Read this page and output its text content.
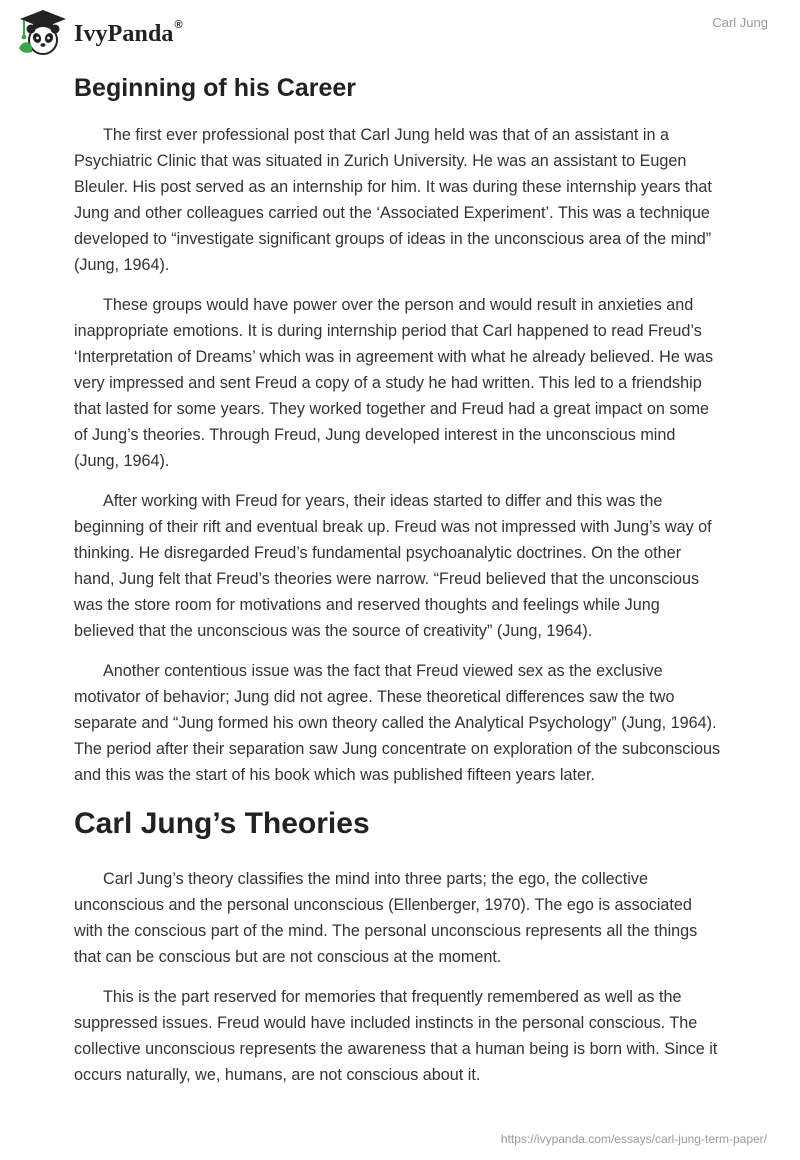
IvyPanda®	Carl Jung
Beginning of his Career

The first ever professional post that Carl Jung held was that of an assistant in a Psychiatric Clinic that was situated in Zurich University. He was an assistant to Eugen Bleuler. His post served as an internship for him. It was during these internship years that Jung and other colleagues carried out the ‘Associated Experiment’. This was a technique developed to “investigate significant groups of ideas in the unconscious area of the mind” (Jung, 1964).

These groups would have power over the person and would result in anxieties and inappropriate emotions. It is during internship period that Carl happened to read Freud’s ‘Interpretation of Dreams’ which was in agreement with what he already believed. He was very impressed and sent Freud a copy of a study he had written. This led to a friendship that lasted for some years. They worked together and Freud had a great impact on some of Jung’s theories. Through Freud, Jung developed interest in the unconscious mind (Jung, 1964).

After working with Freud for years, their ideas started to differ and this was the beginning of their rift and eventual break up. Freud was not impressed with Jung’s way of thinking. He disregarded Freud’s fundamental psychoanalytic doctrines. On the other hand, Jung felt that Freud’s theories were narrow. “Freud believed that the unconscious was the store room for motivations and reserved thoughts and feelings while Jung believed that the unconscious was the source of creativity” (Jung, 1964).

Another contentious issue was the fact that Freud viewed sex as the exclusive motivator of behavior; Jung did not agree. These theoretical differences saw the two separate and “Jung formed his own theory called the Analytical Psychology” (Jung, 1964). The period after their separation saw Jung concentrate on exploration of the subconscious and this was the start of his book which was published fifteen years later.

Carl Jung’s Theories

Carl Jung’s theory classifies the mind into three parts; the ego, the collective unconscious and the personal unconscious (Ellenberger, 1970). The ego is associated with the conscious part of the mind. The personal unconscious represents all the things that can be conscious but are not conscious at the moment.

This is the part reserved for memories that frequently remembered as well as the suppressed issues. Freud would have included instincts in the personal conscious. The collective unconscious represents the awareness that a human being is born with. Since it occurs naturally, we, humans, are not conscious about it.

https://ivypanda.com/essays/carl-jung-term-paper/
